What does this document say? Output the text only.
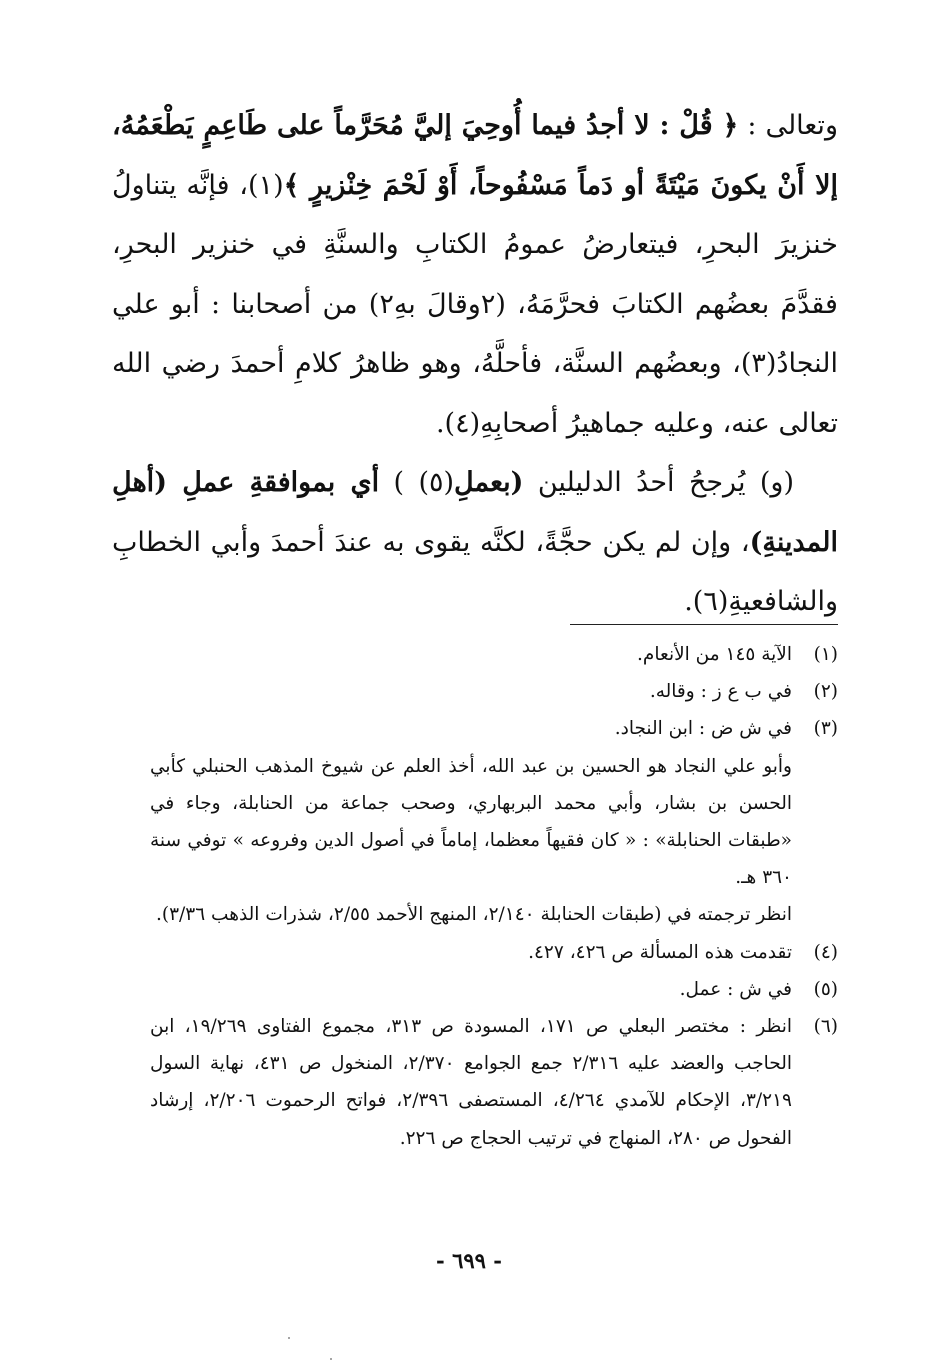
وتعالى : ﴿ قُلْ : لا أجدُ فيما أُوحِيَ إليَّ مُحَرَّماً على طَاعِمٍ يَطْعَمُهُ، إلا أَنْ يكونَ مَيْتَةً أو دَماً مَسْفُوحاً، أَوْ لَحْمَ خِنْزيرٍ ﴾(١)، فإنَّه يتناولُ خنزيرَ البحرِ، فيتعارضُ عمومُ الكتابِ والسنَّةِ في خنزير البحرِ، فقدَّمَ بعضُهم الكتابَ فحرَّمَهُ، (٢وقالَ بهِ٢) من أصحابنا : أبو علي النجادُ(٣)، وبعضُهم السنَّة، فأحلَّهُ، وهو ظاهرُ كلامِ أحمدَ رضي الله تعالى عنه، وعليه جماهيرُ أصحابِهِ(٤).

(و) يُرجحُ أحدُ الدليلين (بعملِ(٥) ) أي بموافقةِ عملِ (أهلِ المدينةِ)، وإن لم يكن حجَّةً، لكنَّه يقوى به عندَ أحمدَ وأبي الخطابِ والشافعيةِ(٦).

(١)

الآية ١٤٥ من الأنعام.

(٢)

في ب ع ز : وقاله.

(٣)

في ش ض : ابن النجاد.

وأبو علي النجاد هو الحسين بن عبد الله، أخذ العلم عن شيوخ المذهب الحنبلي كأبي الحسن بن بشار، وأبي محمد البربهاري، وصحب جماعة من الحنابلة، وجاء في «طبقات الحنابلة» : « كان فقيهاً معظما، إماماً في أصول الدين وفروعه » توفي سنة ٣٦٠ هـ.

انظر ترجمته في (طبقات الحنابلة ٢/١٤٠، المنهج الأحمد ٢/٥٥، شذرات الذهب ٣/٣٦).

(٤)

تقدمت هذه المسألة ص ٤٢٦، ٤٢٧.

(٥)

في ش : عمل.

(٦)

انظر : مختصر البعلي ص ١٧١، المسودة ص ٣١٣، مجموع الفتاوى ١٩/٢٦٩، ابن الحاجب والعضد عليه ٢/٣١٦ جمع الجوامع ٢/٣٧٠، المنخول ص ٤٣١، نهاية السول ٣/٢١٩، الإحكام للآمدي ٤/٢٦٤، المستصفى ٢/٣٩٦، فواتح الرحموت ٢/٢٠٦، إرشاد الفحول ص ٢٨٠، المنهاج في ترتيب الحجاج ص ٢٢٦.

- ٦٩٩ -
